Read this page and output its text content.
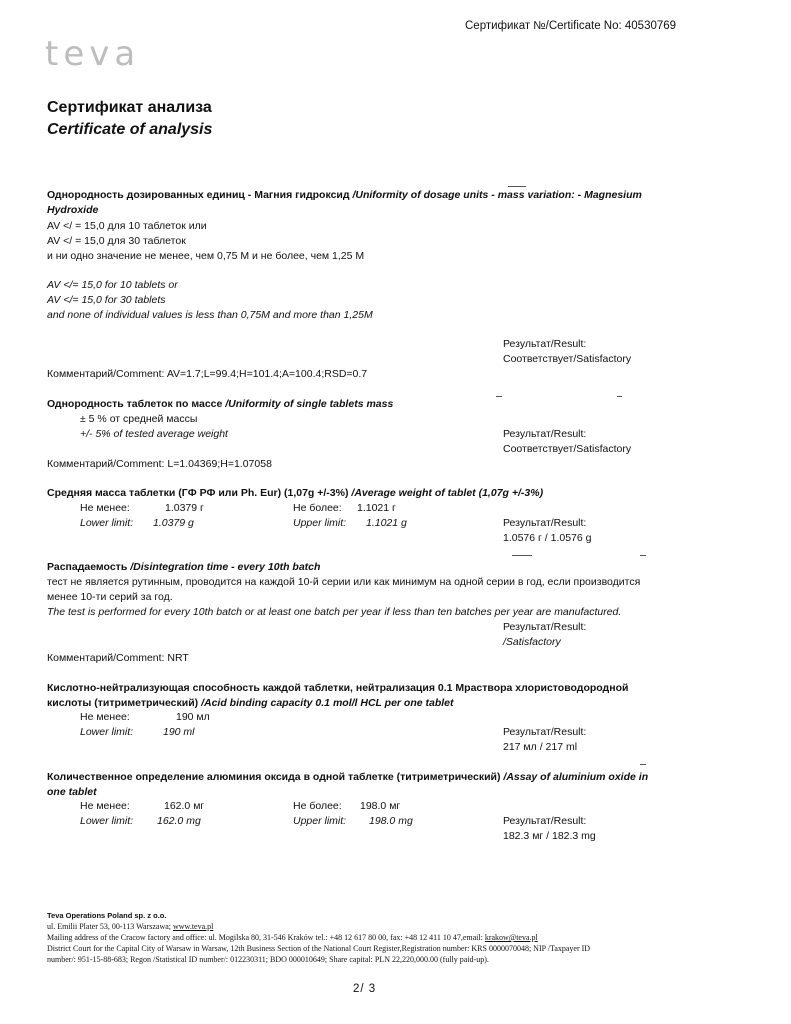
teva
Сертификат №/Certificate No: 40530769
Сертификат анализа
Certificate of analysis
Однородность дозированных единиц - Магния гидроксид /Uniformity of dosage units - mass variation: - Magnesium
Hydroxide
AV </ = 15,0 для 10 таблеток или
AV </ = 15,0 для 30 таблеток
и ни одно значение не менее, чем 0,75 М и не более, чем 1,25 М
AV </= 15,0 for 10 tablets or
AV </= 15,0 for 30 tablets
and none of individual values is less than 0,75M and more than 1,25M
Результат/Result:
Соответствует/Satisfactory
Комментарий/Comment: AV=1.7;L=99.4;H=101.4;A=100.4;RSD=0.7
Однородность таблеток по массе /Uniformity of single tablets mass
± 5 % от средней массы
+/- 5% of tested average weight	Результат/Result:
Соответствует/Satisfactory
Комментарий/Comment: L=1.04369;H=1.07058
Средняя масса таблетки (ГФ РФ или Ph. Eur) (1,07g +/-3%) /Average weight of tablet (1,07g +/-3%)
Не менее:	1.0379 г	Не более: 1.1021 г
Lower limit: 1.0379 g	Upper limit: 1.1021 g	Результат/Result:
1.0576 г / 1.0576 g
Распадаемость /Disintegration time - every 10th batch
тест не является рутинным, проводится на каждой 10-й серии или как минимум на одной серии в год, если производится
менее 10-ти серий за год.
The test is performed for every 10th batch or at least one batch per year if less than ten batches per year are manufactured.
Результат/Result:
/Satisfactory
Комментарий/Comment: NRT
Кислотно-нейтрализующая способность каждой таблетки, нейтрализация 0.1 Мраствора хлористоводородной
кислоты (титриметрический) /Acid binding capacity 0.1 mol/l HCL per one tablet
Не менее:	190 мл
Lower limit:	190 ml	Результат/Result:
217 мл / 217 ml
Количественное определение алюминия оксида в одной таблетке (титриметрический) /Assay of aluminium oxide in
one tablet
Не менее:	162.0 мг	Не более: 198.0 мг
Lower limit: 162.0 mg	Upper limit: 198.0 mg	Результат/Result:
182.3 мг / 182.3 mg
Teva Operations Poland sp. z o.o.
ul. Emilii Plater 53, 00-113 Warszawa; www.teva.pl
Mailing address of the Cracow factory and office: ul. Mogilska 80, 31-546 Kraków tel.: +48 12 617 80 00, fax: +48 12 411 10 47,email: krakow@teva.pl
District Court for the Capital City of Warsaw in Warsaw, 12th Business Section of the National Court Register,Registration number: KRS 0000070048; NIP /Taxpayer ID
number/: 951-15-88-683; Regon /Statistical ID number/: 012230311; BDO 000010649; Share capital: PLN 22,220,000.00 (fully paid-up).
2/ 3
